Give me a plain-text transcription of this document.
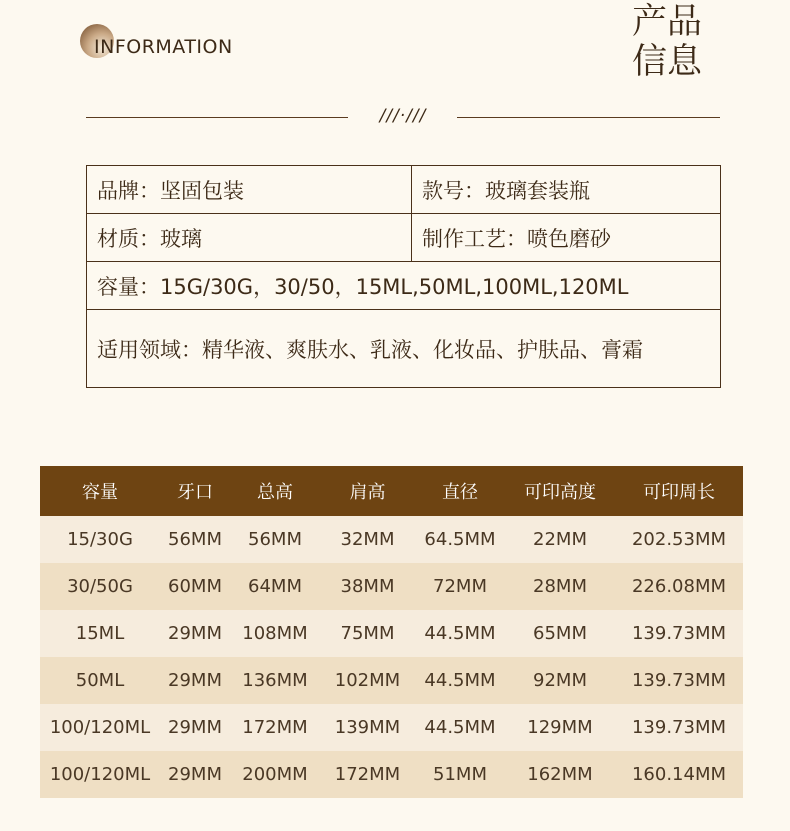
INFORMATION
产品信息
///·///
品牌：坚固包装	款号：玻璃套装瓶
材质：玻璃	制作工艺：喷色磨砂
容量：15G/30G，30/50，15ML,50ML,100ML,120ML	
适用领域：精华液、爽肤水、乳液、化妆品、护肤品、膏霜	
容量	牙口	总高	肩高	直径	可印高度	可印周长
15/30G	56MM	56MM	32MM	64.5MM	22MM	202.53MM
30/50G	60MM	64MM	38MM	72MM	28MM	226.08MM
15ML	29MM	108MM	75MM	44.5MM	65MM	139.73MM
50ML	29MM	136MM	102MM	44.5MM	92MM	139.73MM
100/120ML	29MM	172MM	139MM	44.5MM	129MM	139.73MM
100/120ML	29MM	200MM	172MM	51MM	162MM	160.14MM
